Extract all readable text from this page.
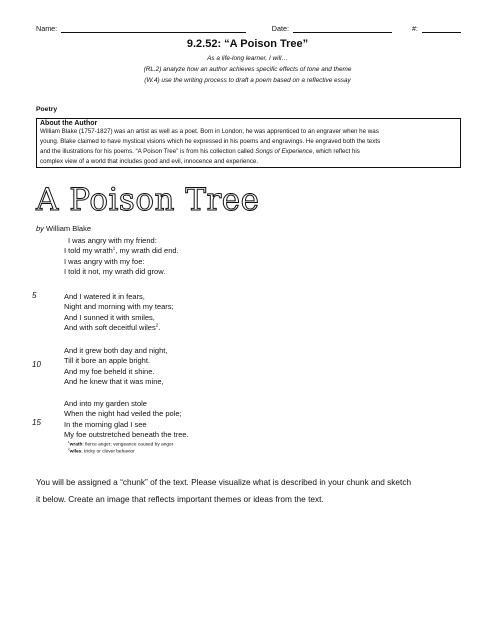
Name:	Date:	#:
9.2.52: “A Poison Tree”
As a life-long learner, I will…
(RL.2) analyze how an author achieves specific effects of tone and theme
(W.4) use the writing process to draft a poem based on a reflective essay
Poetry
About the Author
William Blake (1757-1827) was an artist as well as a poet. Born in London, he was apprenticed to an engraver when he was
young. Blake claimed to have mystical visions which he expressed in his poems and engravings. He engraved both the texts
and the illustrations for his poems. “A Poison Tree” is from his collection called Songs of Experience, which reflect his
complex view of a world that includes good and evil, innocence and experience.
A Poison Tree
by William Blake
I was angry with my friend:
I told my wrath$^1$, my wrath did end.
I was angry with my foe:
I told it not, my wrath did grow.
5	And I watered it in fears,
Night and morning with my tears;
And I sunned it with smiles,
And with soft deceitful wiles$^2$.
10
And it grew both day and night,
Till it bore an apple bright.
And my foe beheld it shine.
And he knew that it was mine,
15
And into my garden stole
When the night had veiled the pole;
In the morning glad I see
My foe outstretched beneath the tree.
$^1$wrath: fierce anger; vengeance caused by anger
$^2$wiles: tricky or clever behavior
You will be assigned a “chunk” of the text. Please visualize what is described in your chunk and sketch
it below. Create an image that reflects important themes or ideas from the text.
